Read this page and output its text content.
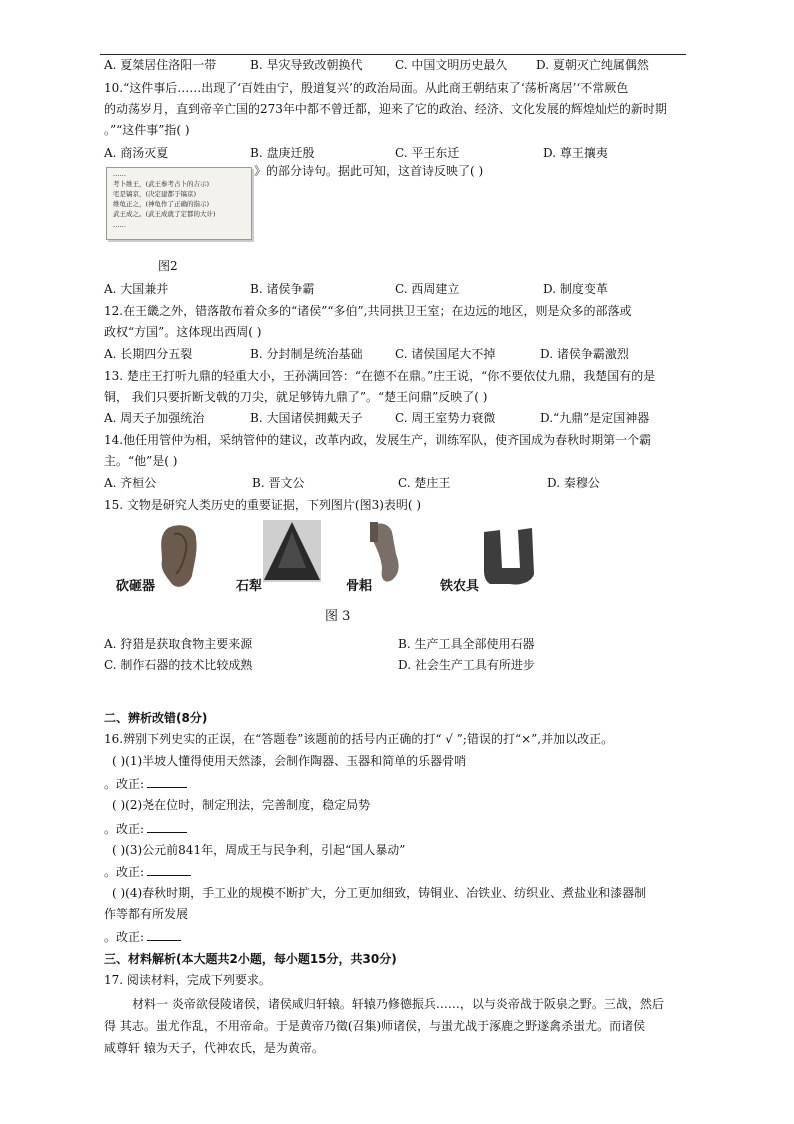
A. 夏桀居住洛阳一带	B. 旱灾导致改朝换代	C. 中国文明历史最久 D. 夏朝灭亡纯属偶然
10.“这件事后……出现了‘百姓由宁，殷道复兴’的政治局面。从此商王朝结束了‘荡析离居’‘不常厥色
的动荡岁月，直到帝辛亡国的273年中都不曾迁都，迎来了它的政治、经济、文化发展的辉煌灿烂的新时期
。”“这件事”指( )
A. 商汤灭夏	B. 盘庚迁殷	C. 平王东迁	D. 尊王攘夷
》的部分诗句。据此可知，这首诗反映了( )
……
考卜维王，(武王参考占卜的吉示)
宅是镐京，(决定建都于镐京)
维龟正之，(神龟作了正确的指示)
武王成之。(武王成就了定都的大计)
……
图2
A. 大国兼并	B. 诸侯争霸	C. 西周建立	D. 制度变革
12.在王畿之外，错落散布着众多的“诸侯”“多伯”,共同拱卫王室；在边远的地区，则是众多的部落或
政权“方国”。这体现出西周( )
A. 长期四分五裂	B. 分封制是统治基础	C. 诸侯国尾大不掉	D. 诸侯争霸激烈
13. 楚庄王打听九鼎的轻重大小，王孙满回答：“在德不在鼎。”庄王说，“你不要依仗九鼎，我楚国有的是
铜， 我们只要折断戈戟的刀尖，就足够铸九鼎了”。“楚王问鼎”反映了( )
A. 周天子加强统治	B. 大国诸侯拥戴天子	C. 周王室势力衰微	D.“九鼎”是定国神器
14.他任用管仲为相，采纳管仲的建议，改革内政，发展生产，训练军队，使齐国成为春秋时期第一个霸
主。“他”是( )
A. 齐桓公	B. 晋文公	C. 楚庄王	D. 秦穆公
15. 文物是研究人类历史的重要证据，下列图片(图3)表明( )
砍砸器	石犁	骨耜	铁农具
图 3
A. 狩猎是获取食物主要来源	B. 生产工具全部使用石器
C. 制作石器的技术比较成熟	D. 社会生产工具有所进步
二、辨析改错(8分)
16.辨别下列史实的正误，在“答题卷”该题前的括号内正确的打“ √ ”;错误的打“×”,并加以改正。
( )(1)半坡人懂得使用天然漆，会制作陶器、玉器和简单的乐器骨哨
。改正:
( )(2)尧在位时，制定刑法，完善制度，稳定局势
。改正:
( )(3)公元前841年，周成王与民争利，引起“国人暴动”
。改正:
( )(4)春秋时期，手工业的规模不断扩大，分工更加细致，铸铜业、冶铁业、纺织业、煮盐业和漆器制
作等都有所发展
。改正:
三、材料解析(本大题共2小题，每小题15分，共30分)
17. 阅读材料，完成下列要求。
材料一 炎帝欲侵陵诸侯，诸侯咸归轩辕。轩辕乃修德振兵……，以与炎帝战于阪泉之野。三战，然后
得 其志。蚩尤作乱，不用帝命。于是黄帝乃徵(召集)师诸侯，与蚩尤战于涿鹿之野遂禽杀蚩尤。而诸侯
咸尊轩 辕为天子，代神农氏，是为黄帝。
